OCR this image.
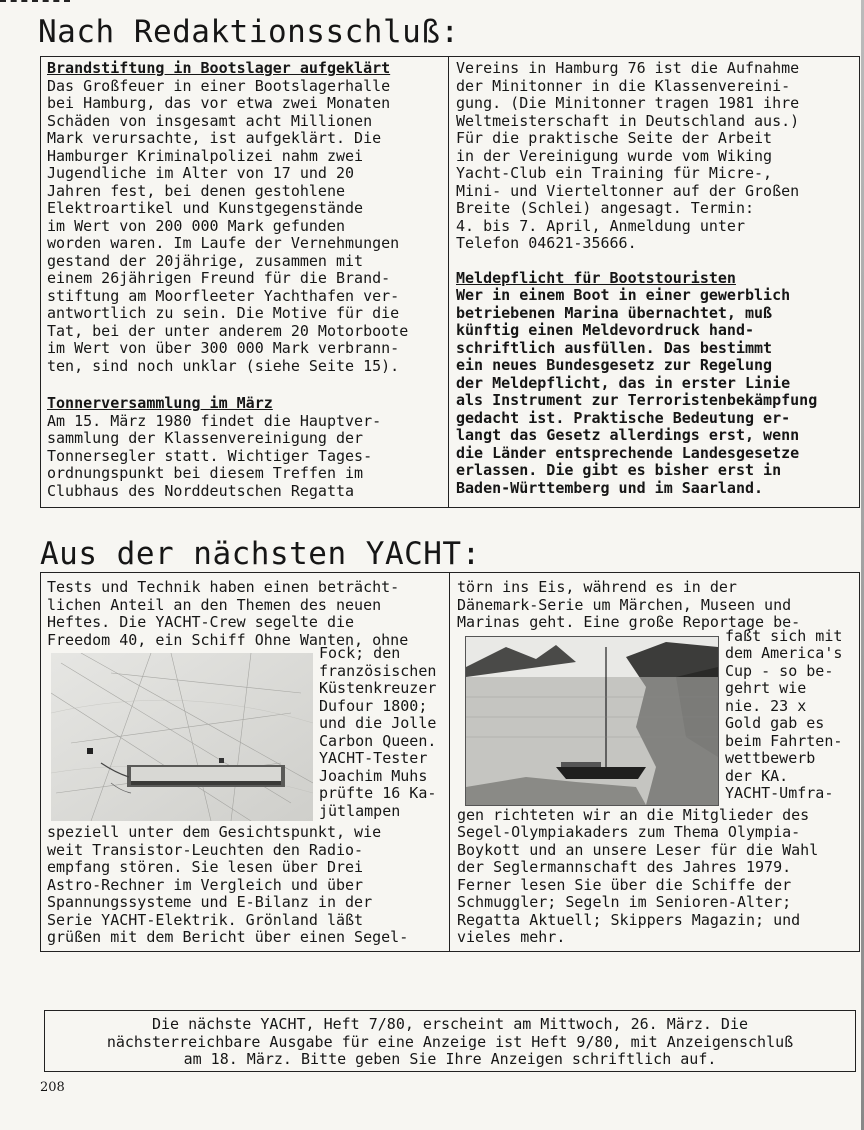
Nach Redaktionsschluß:

Brandstiftung in Bootslager aufgeklärt

Das Großfeuer in einer Bootslagerhalle

bei Hamburg, das vor etwa zwei Monaten

Schäden von insgesamt acht Millionen

Mark verursachte, ist aufgeklärt. Die

Hamburger Kriminalpolizei nahm zwei

Jugendliche im Alter von 17 und 20

Jahren fest, bei denen gestohlene

Elektroartikel und Kunstgegenstände

im Wert von 200 000 Mark gefunden

worden waren. Im Laufe der Vernehmungen

gestand der 20jährige, zusammen mit

einem 26jährigen Freund für die Brand-

stiftung am Moorfleeter Yachthafen ver-

antwortlich zu sein. Die Motive für die

Tat, bei der unter anderem 20 Motorboote

im Wert von über 300 000 Mark verbrann-

ten, sind noch unklar (siehe Seite 15).

Tonnerversammlung im März

Am 15. März 1980 findet die Hauptver-

sammlung der Klassenvereinigung der

Tonnersegler statt. Wichtiger Tages-

ordnungspunkt bei diesem Treffen im

Clubhaus des Norddeutschen Regatta

Vereins in Hamburg 76 ist die Aufnahme

der Minitonner in die Klassenvereini-

gung. (Die Minitonner tragen 1981 ihre

Weltmeisterschaft in Deutschland aus.)

Für die praktische Seite der Arbeit

in der Vereinigung wurde vom Wiking

Yacht-Club ein Training für Micre-,

Mini- und Vierteltonner auf der Großen

Breite (Schlei) angesagt. Termin:

4. bis 7. April, Anmeldung unter

Telefon 04621-35666.

Meldepflicht für Bootstouristen

Wer in einem Boot in einer gewerblich

betriebenen Marina übernachtet, muß

künftig einen Meldevordruck hand-

schriftlich ausfüllen. Das bestimmt

ein neues Bundesgesetz zur Regelung

der Meldepflicht, das in erster Linie

als Instrument zur Terroristenbekämpfung

gedacht ist. Praktische Bedeutung er-

langt das Gesetz allerdings erst, wenn

die Länder entsprechende Landesgesetze

erlassen. Die gibt es bisher erst in

Baden-Württemberg und im Saarland.

Aus der nächsten YACHT:

Tests und Technik haben einen beträcht-

lichen Anteil an den Themen des neuen

Heftes. Die YACHT-Crew segelte die

Freedom 40, ein Schiff Ohne Wanten, ohne

Fock; den

französischen

Küstenkreuzer

Dufour 1800;

und die Jolle

Carbon Queen.

YACHT-Tester

Joachim Muhs

prüfte 16 Ka-

jütlampen

speziell unter dem Gesichtspunkt, wie

weit Transistor-Leuchten den Radio-

empfang stören. Sie lesen über Drei

Astro-Rechner im Vergleich und über

Spannungssysteme und E-Bilanz in der

Serie YACHT-Elektrik. Grönland läßt

grüßen mit dem Bericht über einen Segel-

törn ins Eis, während es in der

Dänemark-Serie um Märchen, Museen und

Marinas geht. Eine große Reportage be-

faßt sich mit

dem America's

Cup - so be-

gehrt wie

nie. 23 x

Gold gab es

beim Fahrten-

wettbewerb

der KA.

YACHT-Umfra-

gen richteten wir an die Mitglieder des

Segel-Olympiakaders zum Thema Olympia-

Boykott und an unsere Leser für die Wahl

der Seglermannschaft des Jahres 1979.

Ferner lesen Sie über die Schiffe der

Schmuggler; Segeln im Senioren-Alter;

Regatta Aktuell; Skippers Magazin; und

vieles mehr.

Die nächste YACHT, Heft 7/80, erscheint am Mittwoch, 26. März. Die

nächsterreichbare Ausgabe für eine Anzeige ist Heft 9/80, mit Anzeigenschluß

am 18. März. Bitte geben Sie Ihre Anzeigen schriftlich auf.

208
